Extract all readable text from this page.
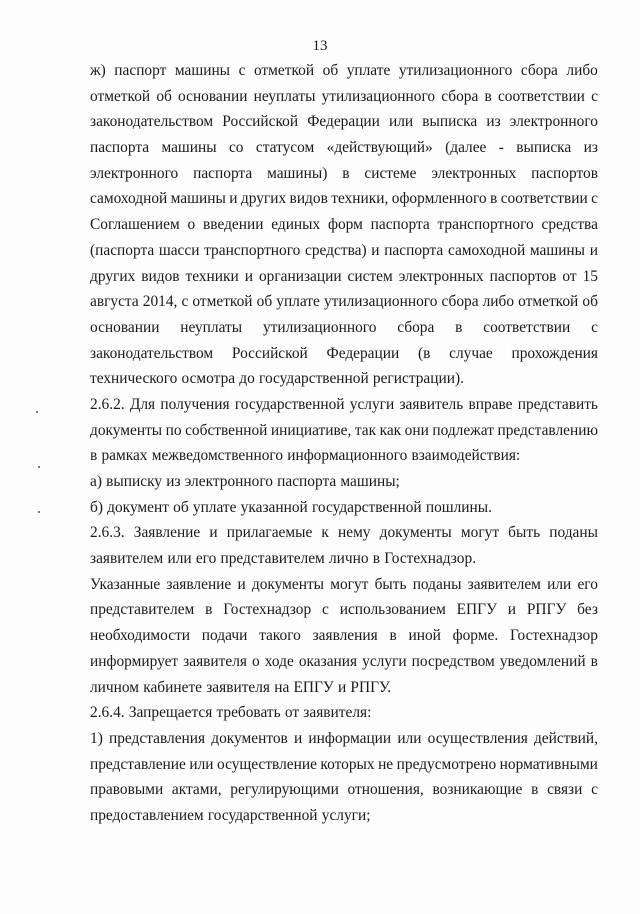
13
ж) паспорт машины с отметкой об уплате утилизационного сбора либо
отметкой об основании неуплаты утилизационного сбора в соответствии с
законодательством Российской Федерации или выписка из электронного
паспорта машины со статусом «действующий» (далее - выписка из
электронного паспорта машины) в системе электронных паспортов
самоходной машины и других видов техники, оформленного в соответствии с
Соглашением о введении единых форм паспорта транспортного средства
(паспорта шасси транспортного средства) и паспорта самоходной машины и
других видов техники и организации систем электронных паспортов от 15
августа 2014, с отметкой об уплате утилизационного сбора либо отметкой об
основании неуплаты утилизационного сбора в соответствии с
законодательством Российской Федерации (в случае прохождения
технического осмотра до государственной регистрации).
2.6.2. Для получения государственной услуги заявитель вправе представить
документы по собственной инициативе, так как они подлежат представлению
в рамках межведомственного информационного взаимодействия:
а) выписку из электронного паспорта машины;
б) документ об уплате указанной государственной пошлины.
2.6.3. Заявление и прилагаемые к нему документы могут быть поданы
заявителем или его представителем лично в Гостехнадзор.
Указанные заявление и документы могут быть поданы заявителем или его
представителем в Гостехнадзор с использованием ЕПГУ и РПГУ без
необходимости подачи такого заявления в иной форме. Гостехнадзор
информирует заявителя о ходе оказания услуги посредством уведомлений в
личном кабинете заявителя на ЕПГУ и РПГУ.
2.6.4. Запрещается требовать от заявителя:
1) представления документов и информации или осуществления действий,
представление или осуществление которых не предусмотрено нормативными
правовыми актами, регулирующими отношения, возникающие в связи с
предоставлением государственной услуги;
